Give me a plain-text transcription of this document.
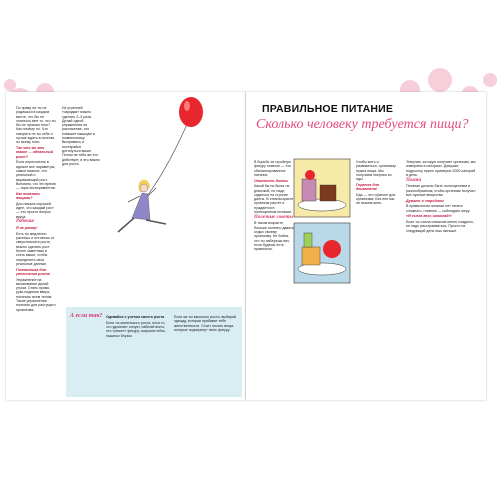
По праву ли ты не родишься в каждом месте, что бы не хотелось мне то, что ты бы не лучшим тихо? Как почему ты. Что говорить не ты себе и лучше ждать в полном, по всему тихо.

Так что же это такое — идеальный рост?

Если пересчитать в идеале все параметры, самое важное, это реальный и выражающий рост. Вспомни, что это время — пора экспериментов.

Как показать вещами?

Для начала хорошей идее, что каждый рост — это просто вопрос вкуса.

Рабочая

Я не расту!

Есть ты медленно растешь и отстаешь от сверстников в росте, можно сделать рост более заметным и стать выше, чтобы определить свои реальные данные.

Гимнастика для увеличения роста

Упражнение на вытягивание делай утром. Стань прямо, руки подними вверх, потянись всем телом. Такие упражнения полезны для растущего организма.

Из утренней «зарядки» можно сделать 2–3 раза. Делай одной упражнения на растяжение, это поможет мышцам и позвоночнику. Выпрямись и постарайся дотянуться выше. Потом на тебя же это действует, и это важно для роста.

А если так? Одевайся с учетом своего роста

Если ты маленького роста, носи то, что удлиняет силуэт, избегай всего, что «режет» фигуру: широких юбок, пышных блузок.

Если же ты высокого роста, выбирай одежду, которая прибавит тебе женственности. Стоит носить вещи, которые подчеркнут твою фигуру.

В борьбе за стройную фигуру главное — это сбалансированное питание.

Опасность диеты

Какой бы ни была ты девочкой, не надо садиться на строгие диеты. В этом возрасте организм растет и нуждается в полноценном питании.

Полезные советы

В таком возрасте больше полезно давать отдых своему организму. Не бойся, что ты наберешь вес, если будешь есть правильно.

Чтобы жить и развиваться, организму нужна пища. Мы получаем энергию из еды.

Горючее для двигателя!

Еда — это горючее для организма. Без нее мы не можем жить.

Энергию, которую получает организм, мы измеряем в калориях. Девушке подростку нужно примерно 2000 калорий в день.

Помни

Питание должно быть полноценным и разнообразным, чтобы организм получал все нужные вещества.

Думать о стройном

В правильном питании нет ничего сложного, главное — соблюдать меру.

«Я съела весь шоколад!»

Если ты съела слишком много сладкого, не надо расстраиваться. Просто на следующий день ешь меньше.

ПРАВИЛЬНОЕ ПИТАНИЕ
Сколько человеку требуется пищи?
